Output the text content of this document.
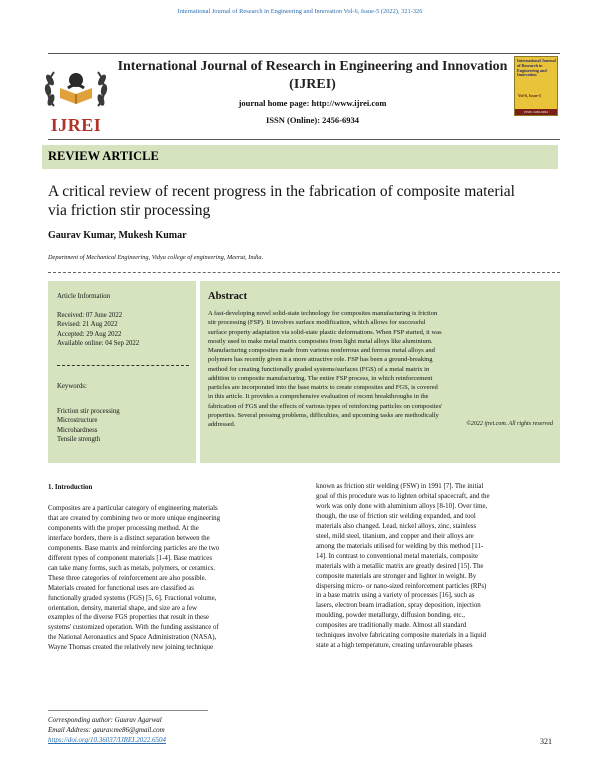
International Journal of Research in Engineering and Innovation Vol-6, Issue-5 (2022), 321-326
IJREI
International Journal of Research in Engineering and Innovation
(IJREI)
journal home page: http://www.ijrei.com
ISSN (Online): 2456-6934
International Journal of Research in Engineering and Innovation
Vol-6, Issue-5
ISSN: 2456-6934
REVIEW ARTICLE
A critical review of recent progress in the fabrication of composite material
via friction stir processing
Gaurav Kumar, Mukesh Kumar
Department of Mechanical Engineering, Vidya college of engineering, Meerut, India.
Article Information
Received: 07 June 2022
Revised: 21 Aug 2022
Accepted: 29 Aug 2022
Available online: 04 Sep 2022
Keywords:
Friction stir processing
Microstructure
Microhardness
Tensile strength
Abstract
A fast-developing novel solid-state technology for composites manufacturing is friction
stir processing (FSP). It involves surface modification, which allows for successful
surface property adaptation via solid-state plastic deformations. When FSP started, it was
mostly used to make metal matrix composites from light metal alloys like aluminium.
Manufacturing composites made from various nonferrous and ferrous metal alloys and
polymers has recently given it a more attractive role. FSP has been a ground-breaking
method for creating functionally graded systems/surfaces (FGS) of a metal matrix in
addition to composite manufacturing. The entire FSP process, in which reinforcement
particles are incorporated into the base matrix to create composites and FGS, is covered
in this article. It provides a comprehensive evaluation of recent breakthroughs in the
fabrication of FGS and the effects of various types of reinforcing particles on composites'
properties. Several pressing problems, difficulties, and upcoming tasks are methodically
addressed.	©2022 ijrei.com. All rights reserved
1. Introduction
Composites are a particular category of engineering materials
that are created by combining two or more unique engineering
components with the proper processing method. At the
interface borders, there is a distinct separation between the
components. Base matrix and reinforcing particles are the two
different types of component materials [1-4]. Base matrices
can take many forms, such as metals, polymers, or ceramics.
These three categories of reinforcement are also possible.
Materials created for functional uses are classified as
functionally graded systems (FGS) [5, 6]. Fractional volume,
orientation, density, material shape, and size are a few
examples of the diverse FGS properties that result in these
systems' customized operation. With the funding assistance of
the National Aeronautics and Space Administration (NASA),
Wayne Thomas created the relatively new joining technique
known as friction stir welding (FSW) in 1991 [7]. The initial
goal of this procedure was to lighten orbital spacecraft, and the
work was only done with aluminium alloys [8-10]. Over time,
though, the use of friction stir welding expanded, and tool
materials also changed. Lead, nickel alloys, zinc, stainless
steel, mild steel, titanium, and copper and their alloys are
among the materials utilised for welding by this method [11-
14]. In contrast to conventional metal materials, composite
materials with a metallic matrix are greatly desired [15]. The
composite materials are stronger and lighter in weight. By
dispersing micro- or nano-sized reinforcement particles (RPs)
in a base matrix using a variety of processes [16], such as
lasers, electron beam irradiation, spray deposition, injection
moulding, powder metallurgy, diffusion bonding, etc.,
composites are traditionally made. Almost all standard
techniques involve fabricating composite materials in a liquid
state at a high temperature, creating unfavourable phases
Corresponding author: Gaurav Agarwal
Email Address: gaurav.me86@gmail.com
https://doi.org/10.36037/IJREI.2022.6504	321
